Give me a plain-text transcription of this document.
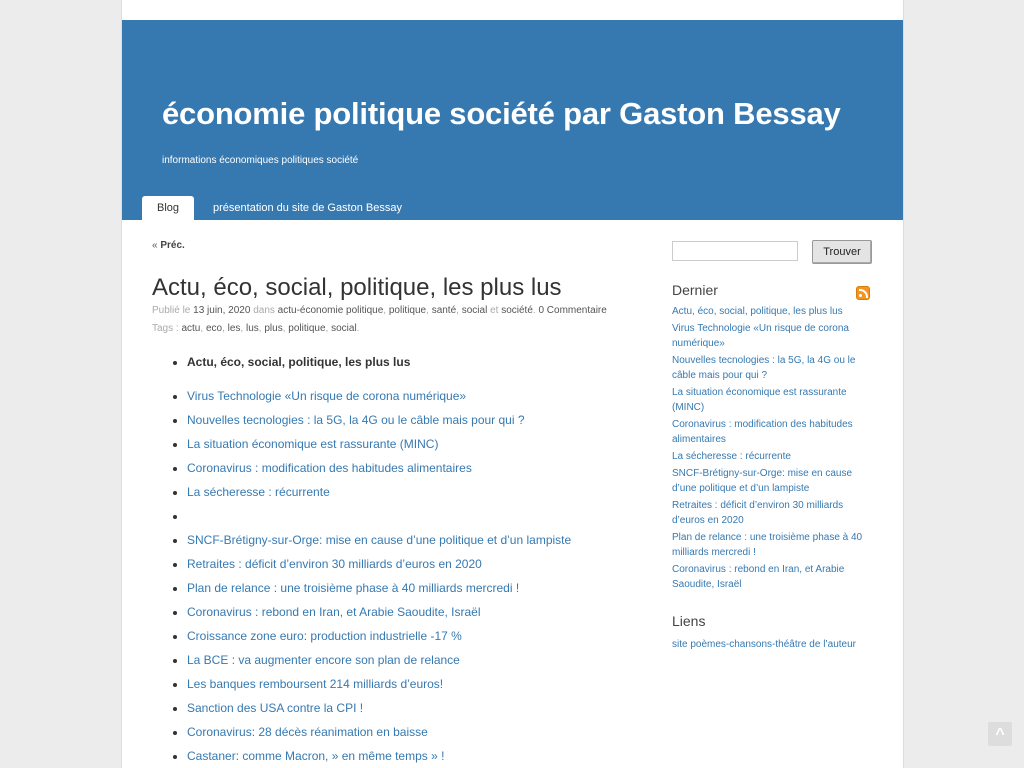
économie politique société par Gaston Bessay
informations économiques politiques société
Blog	présentation du site de Gaston Bessay
« Préc.
Actu, éco, social, politique, les plus lus
Publié le 13 juin, 2020 dans actu-économie politique, politique, santé, social et société. 0 Commentaire
Tags : actu, eco, les, lus, plus, politique, social.
• Actu, éco, social, politique, les plus lus
• Virus Technologie «Un risque de corona numérique»
• Nouvelles tecnologies : la 5G, la 4G ou le câble mais pour qui ?
• La situation économique est rassurante (MINC)
• Coronavirus : modification des habitudes alimentaires
• La sécheresse : récurrente
•
• SNCF-Brétigny-sur-Orge: mise en cause d’une politique et d’un lampiste
• Retraites : déficit d’environ 30 milliards d’euros en 2020
• Plan de relance : une troisième phase à 40 milliards mercredi !
• Coronavirus : rebond en Iran, et Arabie Saoudite, Israël
• Croissance zone euro: production industrielle -17 %
• La BCE : va augmenter encore son plan de relance
• Les banques remboursent 214 milliards d’euros!
• Sanction des USA contre la CPI !
• Coronavirus: 28 décès réanimation en baisse
• Castaner: comme Macron, » en même temps » !
Trouver
Dernier
Actu, éco, social, politique, les plus lus
Virus Technologie «Un risque de corona numérique»
Nouvelles tecnologies : la 5G, la 4G ou le câble mais pour qui ?
La situation économique est rassurante (MINC)
Coronavirus : modification des habitudes alimentaires
La sécheresse : récurrente
SNCF-Brétigny-sur-Orge: mise en cause d’une politique et d’un lampiste
Retraites : déficit d’environ 30 milliards d’euros en 2020
Plan de relance : une troisième phase à 40 milliards mercredi !
Coronavirus : rebond en Iran, et Arabie Saoudite, Israël
Liens
site poèmes-chansons-théâtre de l’auteur
^
